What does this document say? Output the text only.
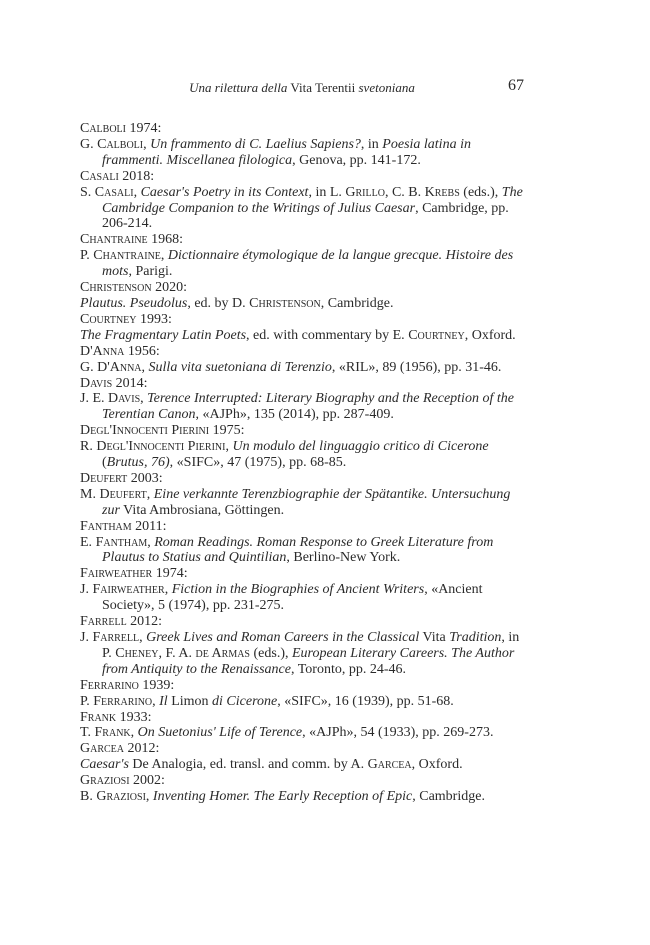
Una rilettura della Vita Terentii svetoniana	67
Calboli 1974:
G. Calboli, Un frammento di C. Laelius Sapiens?, in Poesia latina in frammenti. Miscellanea filologica, Genova, pp. 141-172.
Casali 2018:
S. Casali, Caesar's Poetry in its Context, in L. Grillo, C. B. Krebs (eds.), The Cambridge Companion to the Writings of Julius Caesar, Cambridge, pp. 206-214.
Chantraine 1968:
P. Chantraine, Dictionnaire étymologique de la langue grecque. Histoire des mots, Parigi.
Christenson 2020:
Plautus. Pseudolus, ed. by D. Christenson, Cambridge.
Courtney 1993:
The Fragmentary Latin Poets, ed. with commentary by E. Courtney, Oxford.
D'Anna 1956:
G. D'Anna, Sulla vita suetoniana di Terenzio, «RIL», 89 (1956), pp. 31-46.
Davis 2014:
J. E. Davis, Terence Interrupted: Literary Biography and the Reception of the Terentian Canon, «AJPh», 135 (2014), pp. 287-409.
Degl'Innocenti Pierini 1975:
R. Degl'Innocenti Pierini, Un modulo del linguaggio critico di Cicerone (Brutus, 76), «SIFC», 47 (1975), pp. 68-85.
Deufert 2003:
M. Deufert, Eine verkannte Terenzbiographie der Spätantike. Untersuchung zur Vita Ambrosiana, Göttingen.
Fantham 2011:
E. Fantham, Roman Readings. Roman Response to Greek Literature from Plautus to Statius and Quintilian, Berlino-New York.
Fairweather 1974:
J. Fairweather, Fiction in the Biographies of Ancient Writers, «Ancient Society», 5 (1974), pp. 231-275.
Farrell 2012:
J. Farrell, Greek Lives and Roman Careers in the Classical Vita Tradition, in P. Cheney, F. A. de Armas (eds.), European Literary Careers. The Author from Antiquity to the Renaissance, Toronto, pp. 24-46.
Ferrarino 1939:
P. Ferrarino, Il Limon di Cicerone, «SIFC», 16 (1939), pp. 51-68.
Frank 1933:
T. Frank, On Suetonius' Life of Terence, «AJPh», 54 (1933), pp. 269-273.
Garcea 2012:
Caesar's De Analogia, ed. transl. and comm. by A. Garcea, Oxford.
Graziosi 2002:
B. Graziosi, Inventing Homer. The Early Reception of Epic, Cambridge.
